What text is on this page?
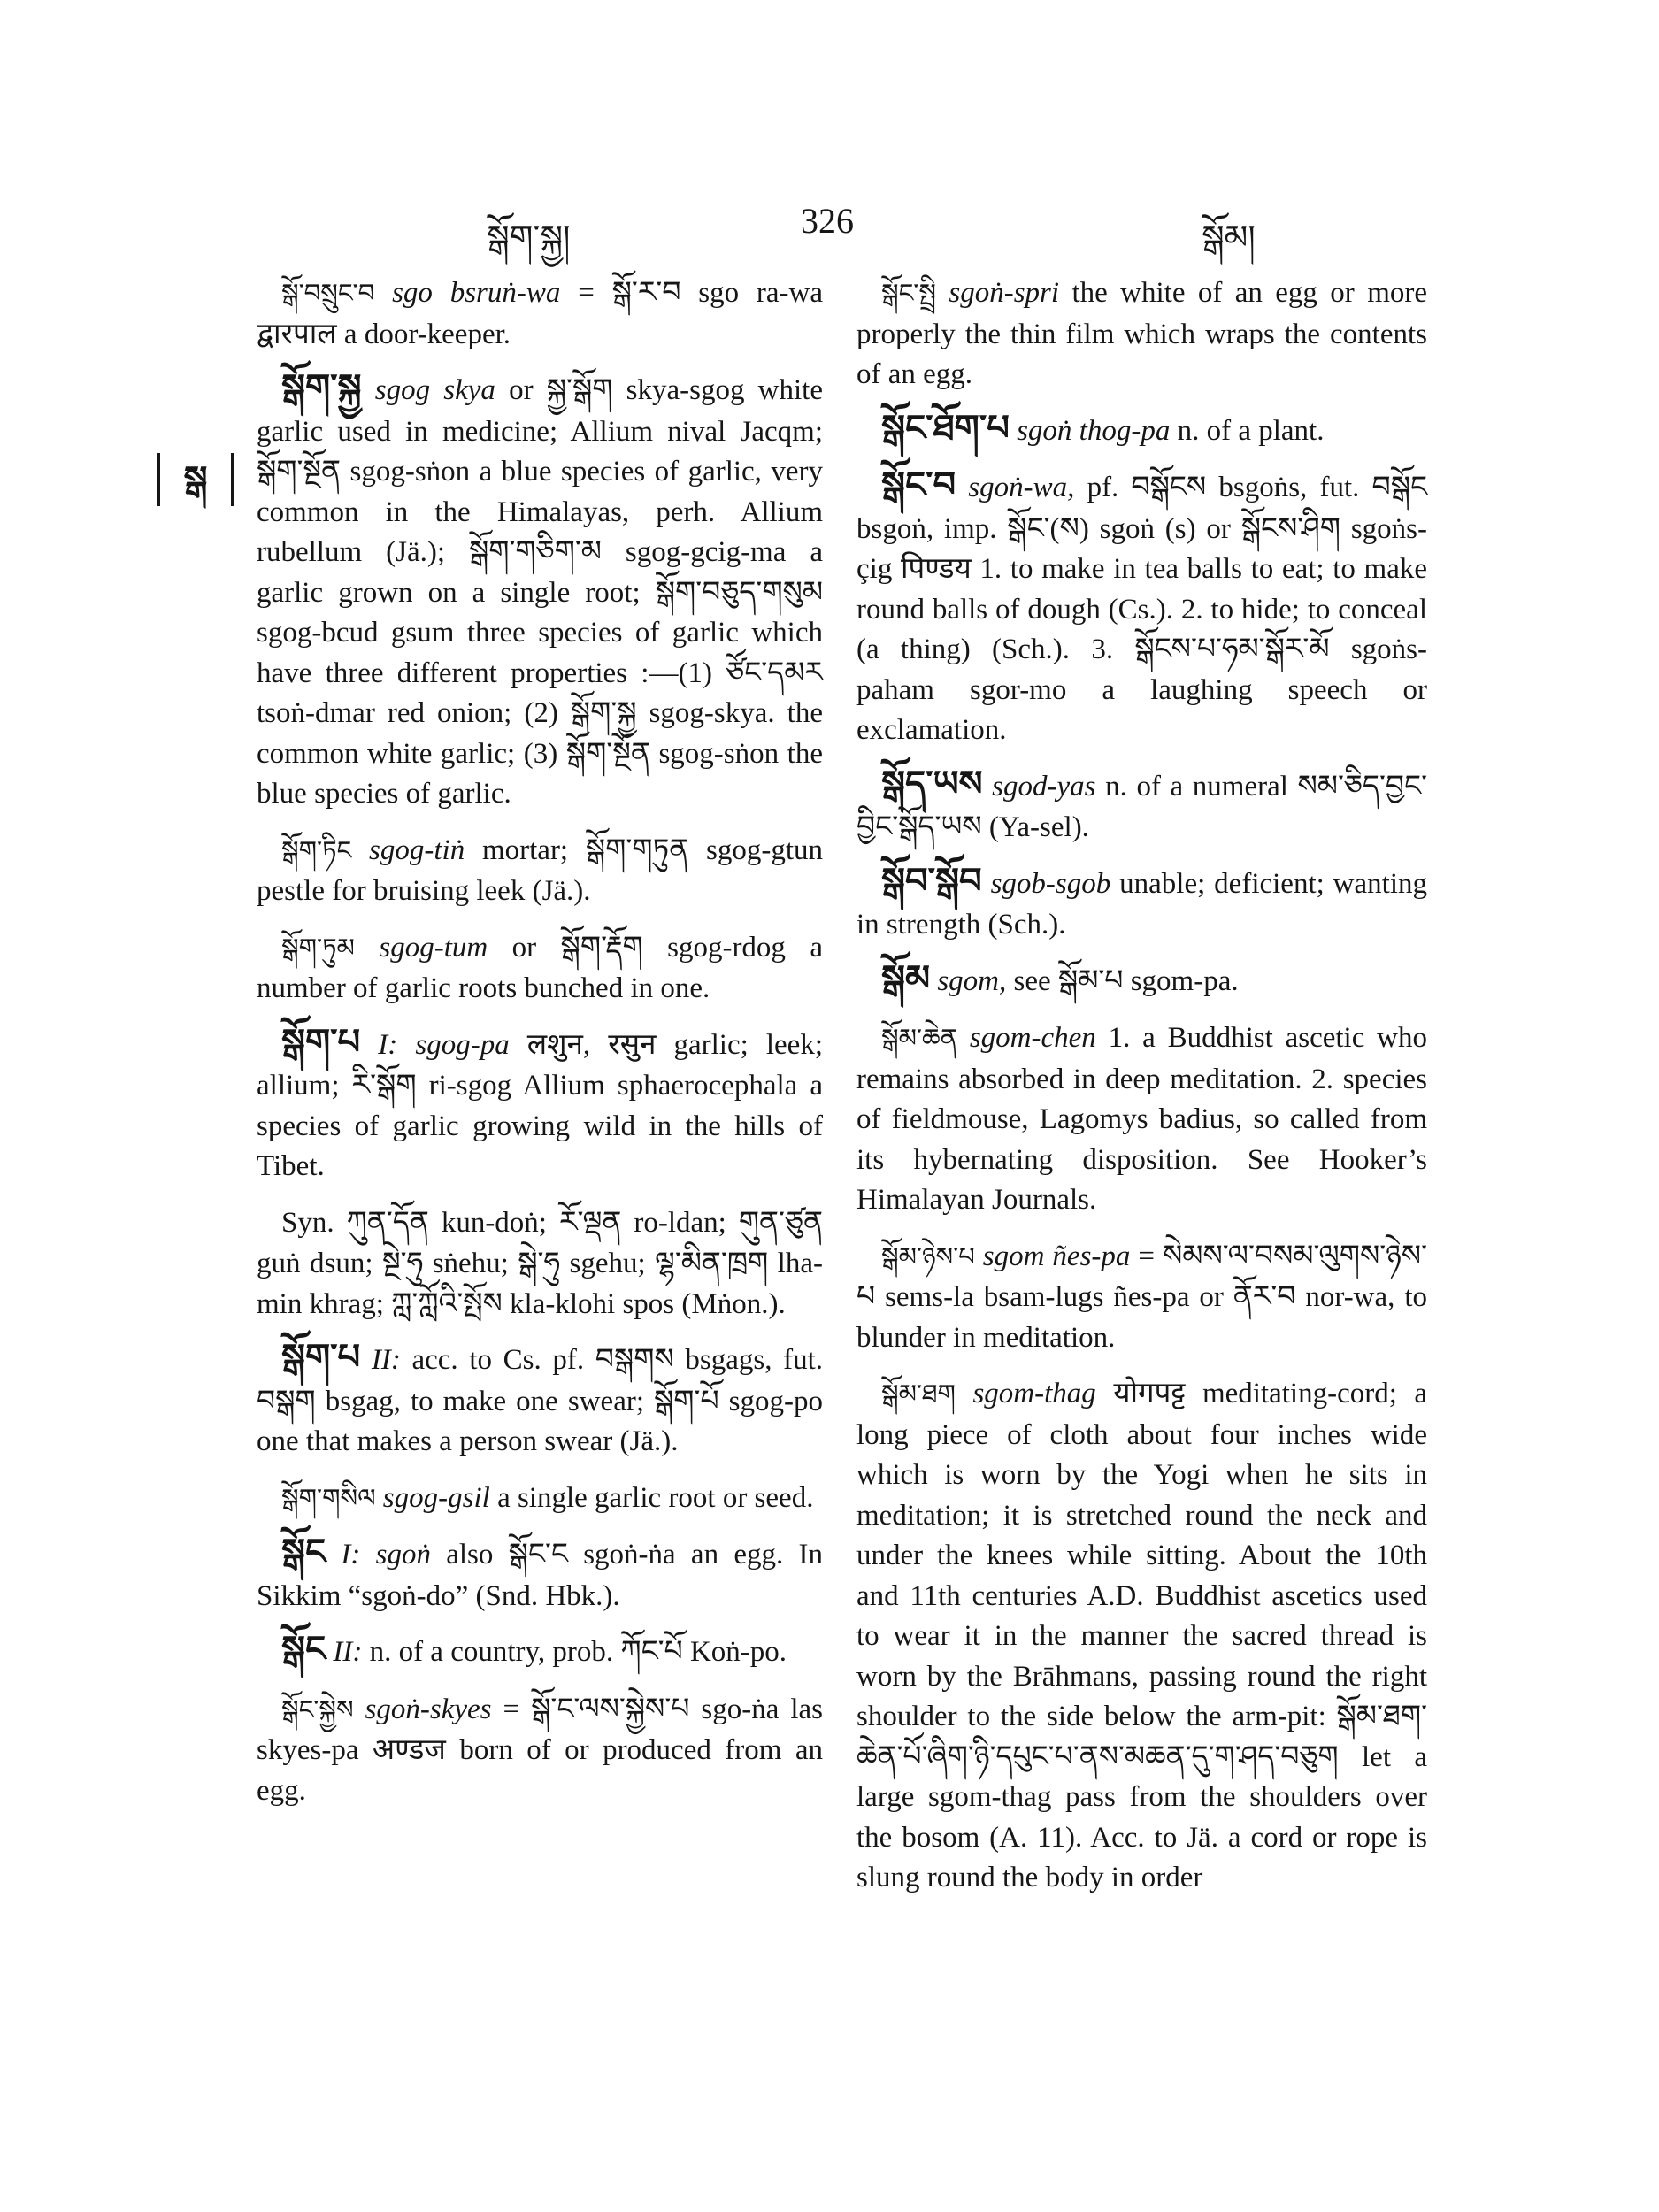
སྒོག་སྐྱ།	326	སྒོམ།
སྒ

སྒོ་བསྲུང་བ sgo bsruṅ-wa = སྒོ་ར་བ sgo ra-wa द्वारपाल a door-keeper.

སྒོག་སྐྱ sgog skya or སྐྱ་སྒོག skya-sgog white garlic used in medicine; Allium nival Jacqm; སྒོག་སྔོན sgog-sṅon a blue species of garlic, very common in the Himalayas, perh. Allium rubellum (Jä.); སྒོག་གཅིག་མ sgog-gcig-ma a garlic grown on a single root; སྒོག་བཅུད་གསུམ sgog-bcud gsum three species of garlic which have three different properties :—(1) ཙོང་དམར tsoṅ-dmar red onion; (2) སྒོག་སྐྱ sgog-skya. the common white garlic; (3) སྒོག་སྔོན sgog-sṅon the blue species of garlic.

སྒོག་ཏིང sgog-tiṅ mortar; སྒོག་གཏུན sgog-gtun pestle for bruising leek (Jä.).

སྒོག་ཏུམ sgog-tum or སྒོག་རྡོག sgog-rdog a number of garlic roots bunched in one.

སྒོག་པ I: sgog-pa लशुन, रसुन garlic; leek; allium; རི་སྒོག ri-sgog Allium sphaerocephala a species of garlic growing wild in the hills of Tibet.

Syn. ཀུན་དོན kun-doṅ; རོ་ལྡན ro-ldan; གུན་ཙུན guṅ dsun; སྔེ་ཧུ sṅehu; སྒེ་ཧུ sgehu; ལྷ་མིན་ཁྲག lha-min khrag; ཀླ་ཀློའི་སྤོས kla-klohi spos (Mṅon.).

སྒོག་པ II: acc. to Cs. pf. བསྒགས bsgags, fut. བསྒག bsgag, to make one swear; སྒོག་པོ sgog-po one that makes a person swear (Jä.).

སྒོག་གསིལ sgog-gsil a single garlic root or seed.

སྒོང I: sgoṅ also སྒོང་ང sgoṅ-ṅa an egg. In Sikkim “sgoṅ-do” (Snd. Hbk.).

སྒོང II: n. of a country, prob. ཀོང་པོ Koṅ-po.

སྒོང་སྐྱེས sgoṅ-skyes = སྒོ་ང་ལས་སྐྱེས་པ sgo-ṅa las skyes-pa अण्डज born of or produced from an egg.

སྒོང་སྤྲི sgoṅ-spri the white of an egg or more properly the thin film which wraps the contents of an egg.

སྒོང་ཐོག་པ sgoṅ thog-pa n. of a plant.

སྒོང་བ sgoṅ-wa, pf. བསྒོངས bsgoṅs, fut. བསྒོང bsgoṅ, imp. སྒོང་(ས) sgoṅ (s) or སྒོངས་ཤིག sgoṅs-çig पिण्डय 1. to make in tea balls to eat; to make round balls of dough (Cs.). 2. to hide; to conceal (a thing) (Sch.). 3. སྒོངས་པ་ཧམ་སྒོར་མོ sgoṅs-paham sgor-mo a laughing speech or exclamation.

སྒོད་ཡས sgod-yas n. of a numeral སམ་ཅིད་བྱང་བྱིང་སྒོད་ཡས (Ya-sel).

སྒོབ་སྒོབ sgob-sgob unable; deficient; wanting in strength (Sch.).

སྒོམ sgom, see སྒོམ་པ sgom-pa.

སྒོམ་ཆེན sgom-chen 1. a Buddhist ascetic who remains absorbed in deep meditation. 2. species of fieldmouse, Lagomys badius, so called from its hybernating disposition. See Hooker’s Himalayan Journals.

སྒོམ་ཉེས་པ sgom ñes-pa = སེམས་ལ་བསམ་ལུགས་ཉེས་པ sems-la bsam-lugs ñes-pa or ནོར་བ nor-wa, to blunder in meditation.

སྒོམ་ཐག sgom-thag योगपट्ट meditating-cord; a long piece of cloth about four inches wide which is worn by the Yogi when he sits in meditation; it is stretched round the neck and under the knees while sitting. About the 10th and 11th centuries A.D. Buddhist ascetics used to wear it in the manner the sacred thread is worn by the Brāhmans, passing round the right shoulder to the side below the arm-pit: སྒོམ་ཐག་ཆེན་པོ་ཞིག་ཉི་དཔུང་པ་ནས་མཆན་དུ་ག་ཤད་བཅུག let a large sgom-thag pass from the shoulders over the bosom (A. 11). Acc. to Jä. a cord or rope is slung round the body in order
